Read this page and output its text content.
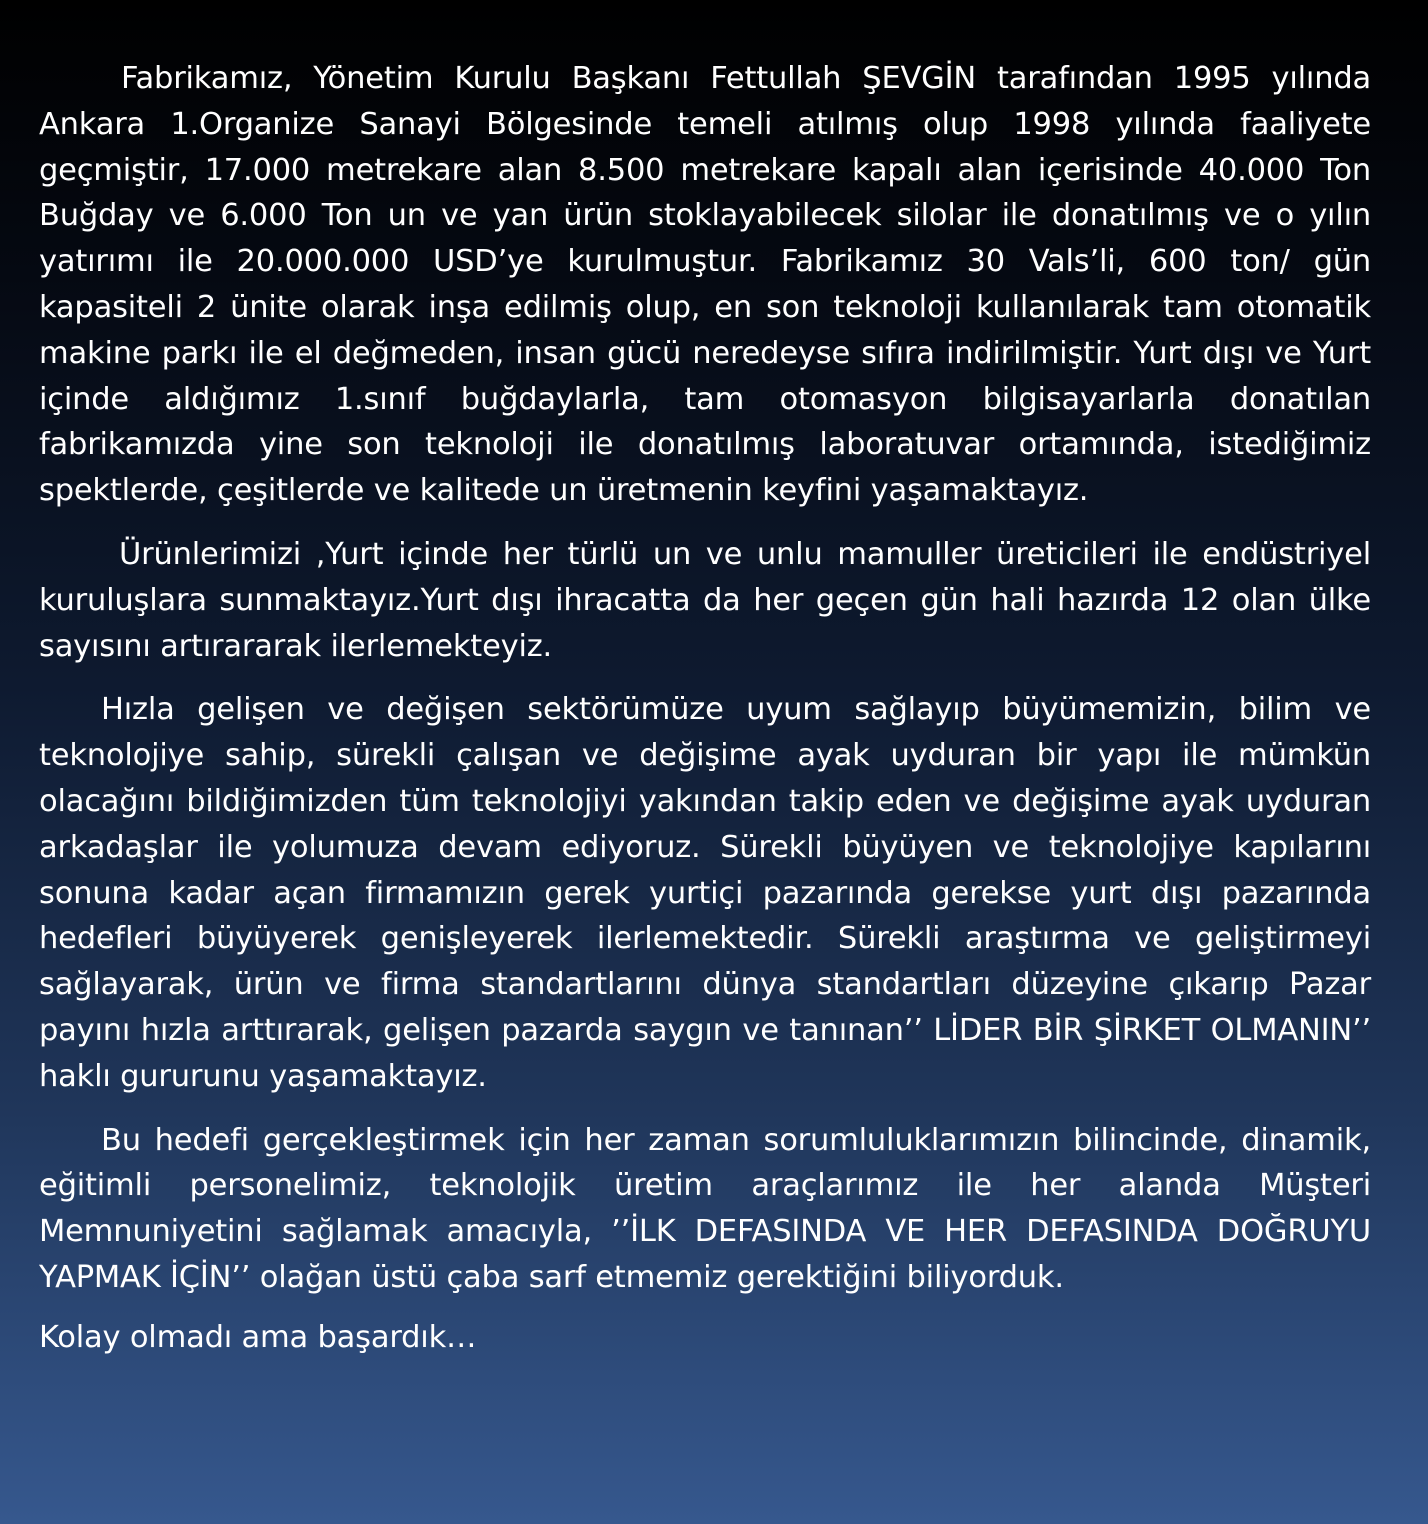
Fabrikamız, Yönetim Kurulu Başkanı Fettullah ŞEVGİN tarafından 1995 yılında Ankara 1.Organize Sanayi Bölgesinde temeli atılmış olup 1998 yılında faaliyete geçmiştir, 17.000 metrekare alan 8.500 metrekare kapalı alan içerisinde 40.000 Ton Buğday ve 6.000 Ton un ve yan ürün stoklayabilecek silolar ile donatılmış ve o yılın yatırımı ile 20.000.000 USD’ye kurulmuştur. Fabrikamız 30 Vals’li, 600 ton/ gün kapasiteli 2 ünite olarak inşa edilmiş olup, en son teknoloji kullanılarak tam otomatik makine parkı ile el değmeden, insan gücü neredeyse sıfıra indirilmiştir. Yurt dışı ve Yurt içinde aldığımız 1.sınıf buğdaylarla, tam otomasyon bilgisayarlarla donatılan fabrikamızda yine son teknoloji ile donatılmış laboratuvar ortamında, istediğimiz spektlerde, çeşitlerde ve kalitede un üretmenin keyfini yaşamaktayız.

Ürünlerimizi ,Yurt içinde her türlü un ve unlu mamuller üreticileri ile endüstriyel kuruluşlara sunmaktayız.Yurt dışı ihracatta da her geçen gün hali hazırda 12 olan ülke sayısını artırararak ilerlemekteyiz.

Hızla gelişen ve değişen sektörümüze uyum sağlayıp büyümemizin, bilim ve teknolojiye sahip, sürekli çalışan ve değişime ayak uyduran bir yapı ile mümkün olacağını bildiğimizden tüm teknolojiyi yakından takip eden ve değişime ayak uyduran arkadaşlar ile yolumuza devam ediyoruz. Sürekli büyüyen ve teknolojiye kapılarını sonuna kadar açan firmamızın gerek yurtiçi pazarında gerekse yurt dışı pazarında hedefleri büyüyerek genişleyerek ilerlemektedir. Sürekli araştırma ve geliştirmeyi sağlayarak, ürün ve firma standartlarını dünya standartları düzeyine çıkarıp Pazar payını hızla arttırarak, gelişen pazarda saygın ve tanınan’’ LİDER BİR ŞİRKET OLMANIN’’ haklı gururunu yaşamaktayız.

Bu hedefi gerçekleştirmek için her zaman sorumluluklarımızın bilincinde, dinamik, eğitimli personelimiz, teknolojik üretim araçlarımız ile her alanda Müşteri Memnuniyetini sağlamak amacıyla, ’’İLK DEFASINDA VE HER DEFASINDA DOĞRUYU YAPMAK İÇİN’’ olağan üstü çaba sarf etmemiz gerektiğini biliyorduk.

Kolay olmadı ama başardık…
